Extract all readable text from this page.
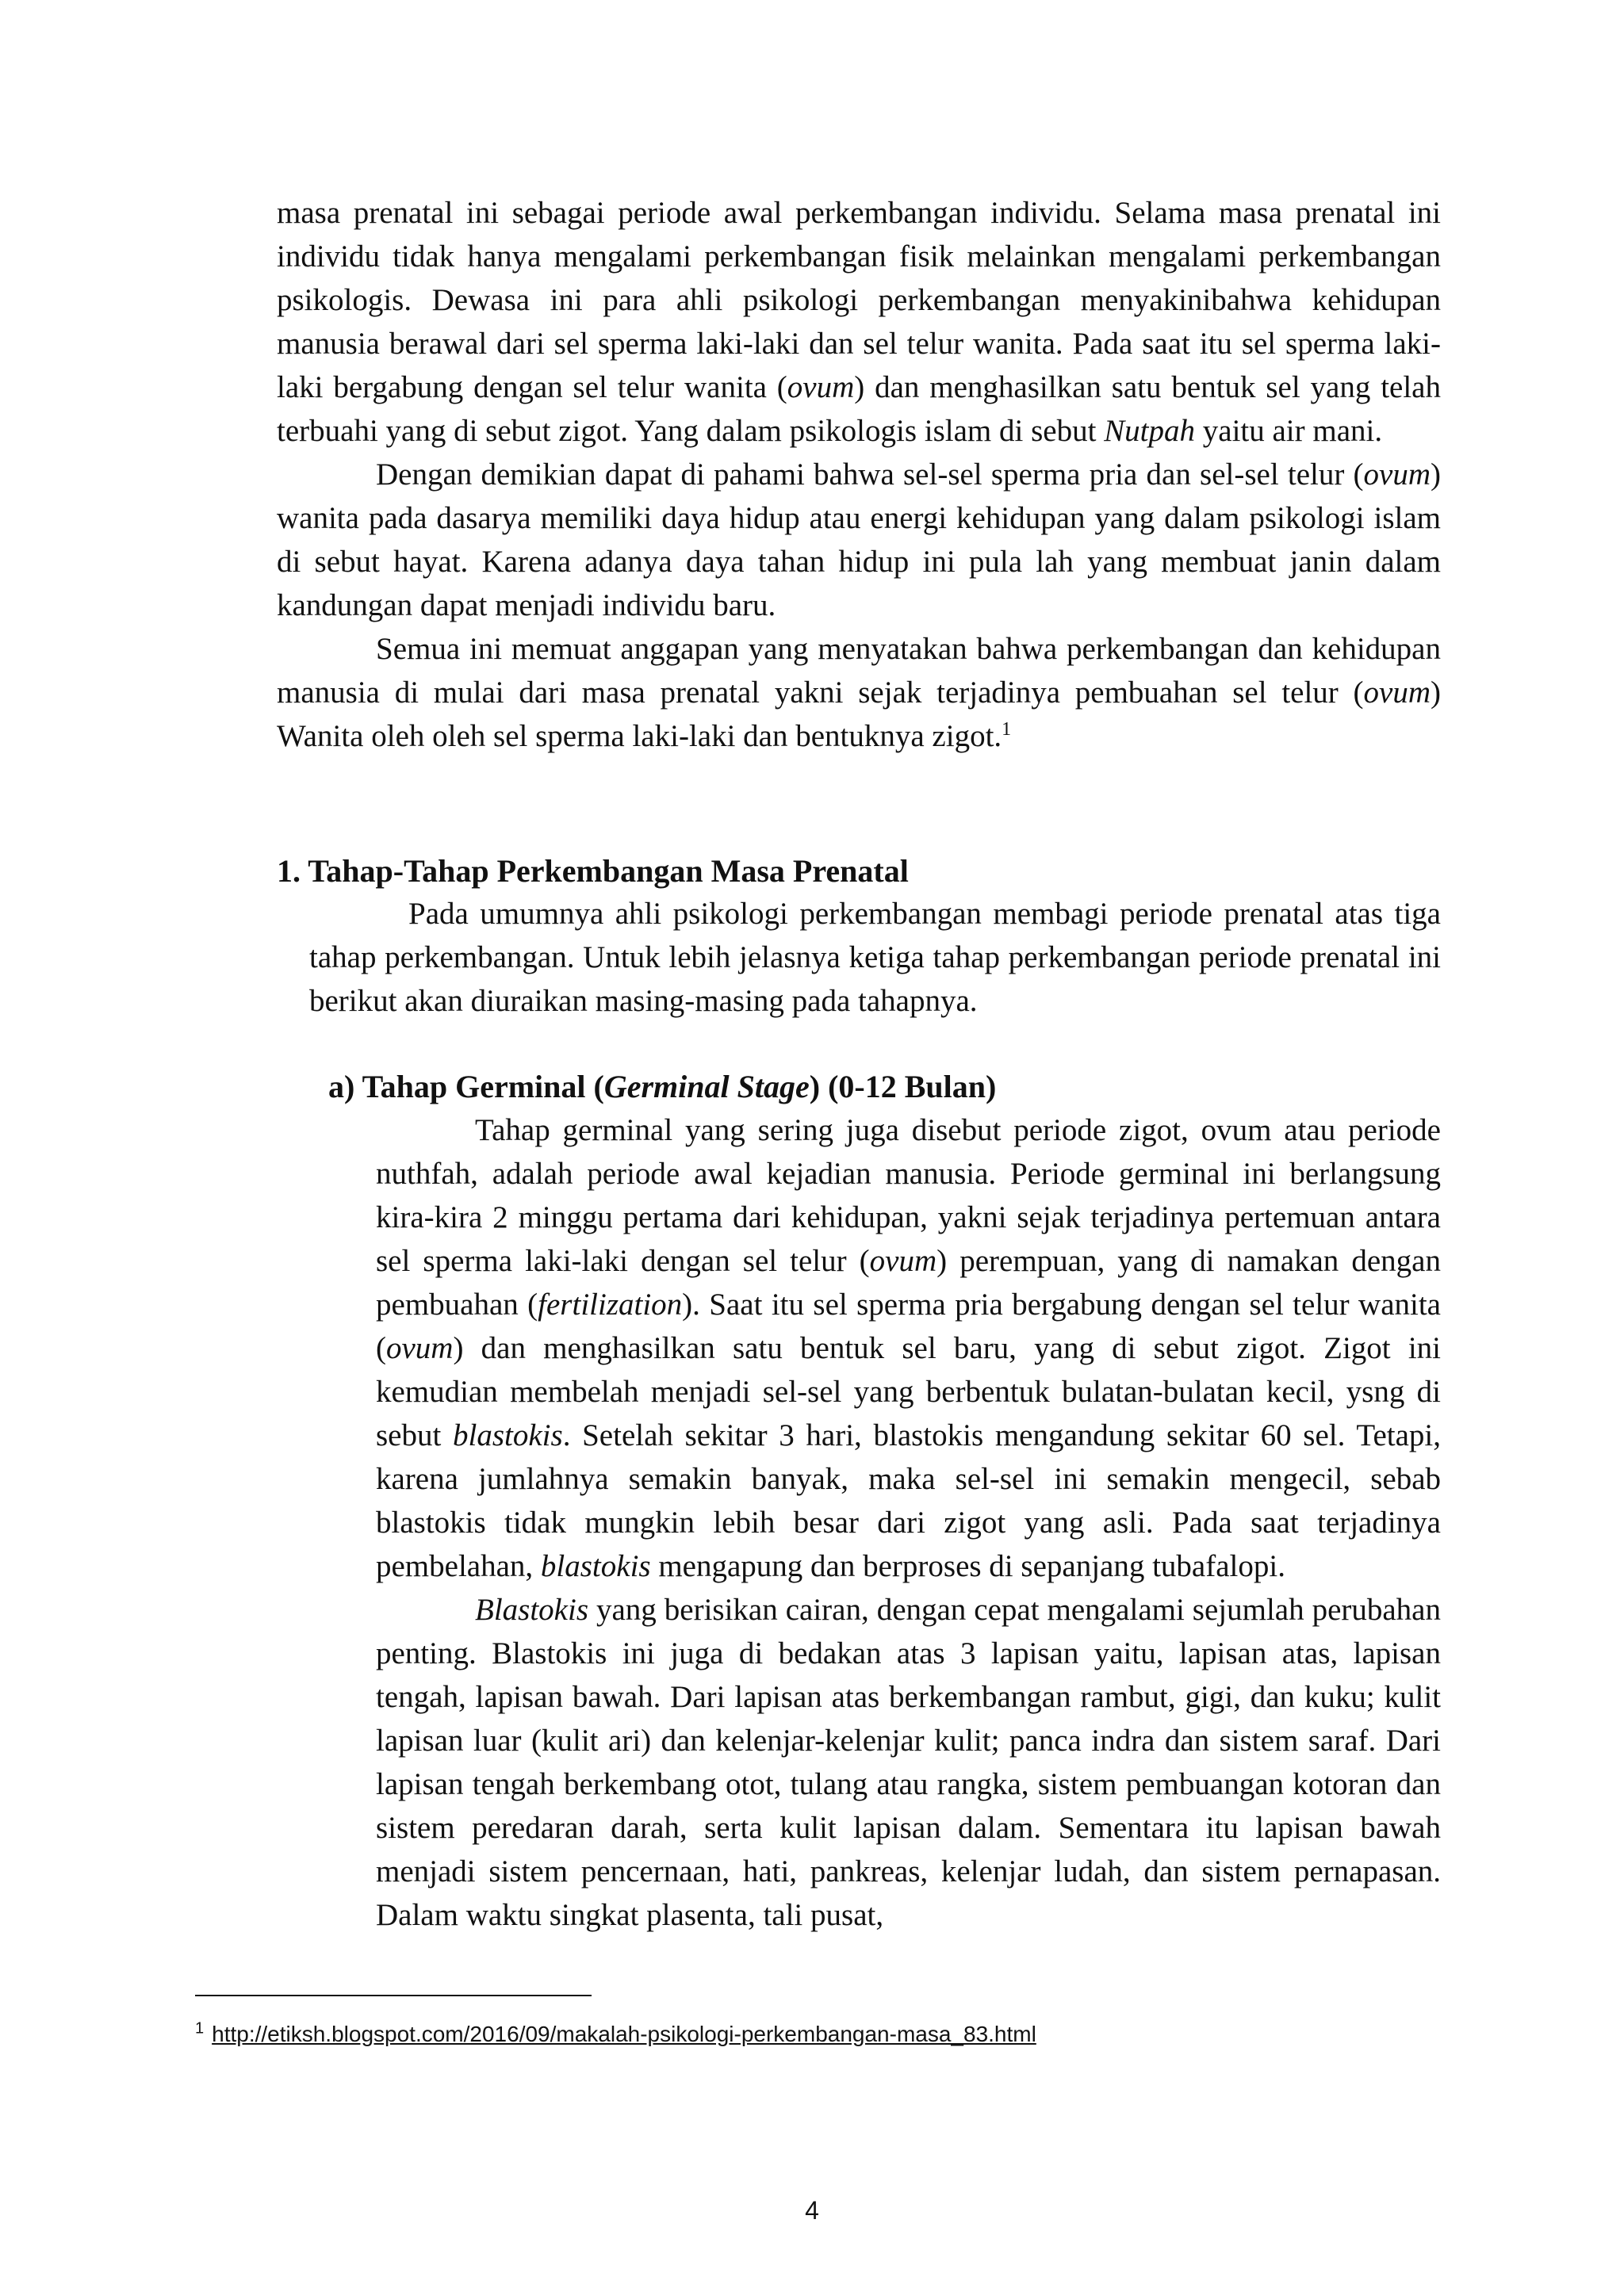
masa prenatal ini sebagai periode awal perkembangan individu. Selama masa prenatal ini individu tidak hanya mengalami perkembangan fisik melainkan mengalami perkembangan psikologis. Dewasa ini para ahli psikologi perkembangan menyakinibahwa kehidupan manusia berawal dari sel sperma laki-laki dan sel telur wanita. Pada saat itu sel sperma laki-laki bergabung dengan sel telur wanita (ovum) dan menghasilkan satu bentuk sel yang telah terbuahi yang di sebut zigot. Yang dalam psikologis islam di sebut Nutpah yaitu air mani.

Dengan demikian dapat di pahami bahwa sel-sel sperma pria dan sel-sel telur (ovum) wanita pada dasarya memiliki daya hidup atau energi kehidupan yang dalam psikologi islam di sebut hayat. Karena adanya daya tahan hidup ini pula lah yang membuat janin dalam kandungan dapat menjadi individu baru.

Semua ini memuat anggapan yang menyatakan bahwa perkembangan dan kehidupan manusia di mulai dari masa prenatal yakni sejak terjadinya pembuahan sel telur (ovum) Wanita oleh oleh sel sperma laki-laki dan bentuknya zigot.$^1$

1. Tahap-Tahap Perkembangan Masa Prenatal

Pada umumnya ahli psikologi perkembangan membagi periode prenatal atas tiga tahap perkembangan. Untuk lebih jelasnya ketiga tahap perkembangan periode prenatal ini berikut akan diuraikan masing-masing pada tahapnya.

a) Tahap Germinal (Germinal Stage) (0-12 Bulan)

Tahap germinal yang sering juga disebut periode zigot, ovum atau periode nuthfah, adalah periode awal kejadian manusia. Periode germinal ini berlangsung kira-kira 2 minggu pertama dari kehidupan, yakni sejak terjadinya pertemuan antara sel sperma laki-laki dengan sel telur (ovum) perempuan, yang di namakan dengan pembuahan (fertilization). Saat itu sel sperma pria bergabung dengan sel telur wanita (ovum) dan menghasilkan satu bentuk sel baru, yang di sebut zigot. Zigot ini kemudian membelah menjadi sel-sel yang berbentuk bulatan-bulatan kecil, ysng di sebut blastokis. Setelah sekitar 3 hari, blastokis mengandung sekitar 60 sel. Tetapi, karena jumlahnya semakin banyak, maka sel-sel ini semakin mengecil, sebab blastokis tidak mungkin lebih besar dari zigot yang asli. Pada saat terjadinya pembelahan, blastokis mengapung dan berproses di sepanjang tubafalopi.

Blastokis yang berisikan cairan, dengan cepat mengalami sejumlah perubahan penting. Blastokis ini juga di bedakan atas 3 lapisan yaitu, lapisan atas, lapisan tengah, lapisan bawah. Dari lapisan atas berkembangan rambut, gigi, dan kuku; kulit lapisan luar (kulit ari) dan kelenjar-kelenjar kulit; panca indra dan sistem saraf. Dari lapisan tengah berkembang otot, tulang atau rangka, sistem pembuangan kotoran dan sistem peredaran darah, serta kulit lapisan dalam. Sementara itu lapisan bawah menjadi sistem pencernaan, hati, pankreas, kelenjar ludah, dan sistem pernapasan. Dalam waktu singkat plasenta, tali pusat,

$^1$ http://etiksh.blogspot.com/2016/09/makalah-psikologi-perkembangan-masa_83.html
4
